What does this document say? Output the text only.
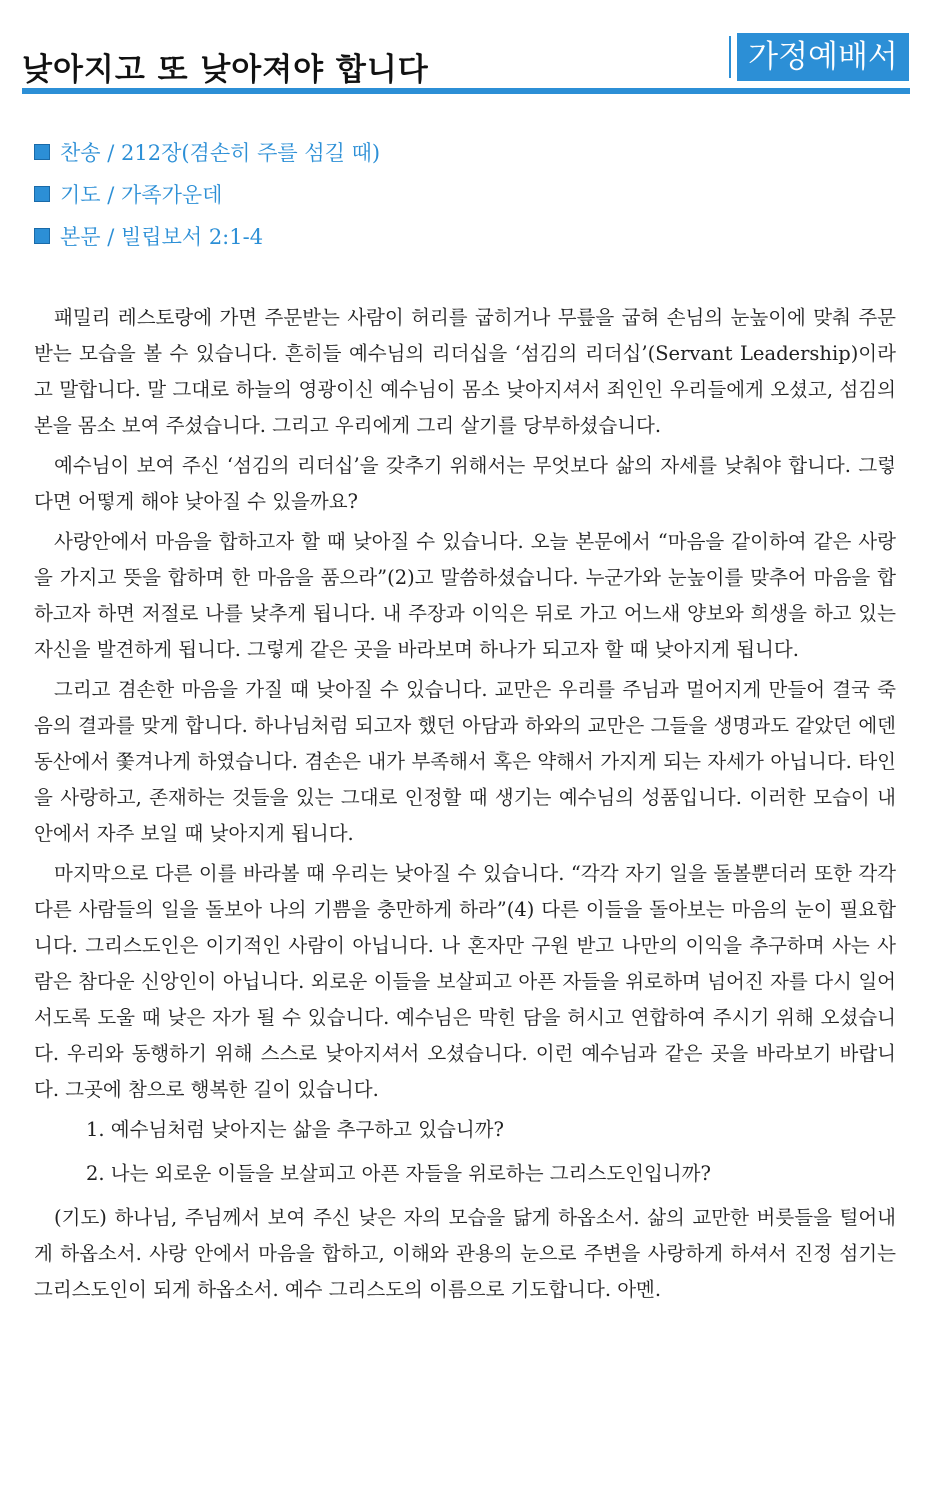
낮아지고 또 낮아져야 합니다	가정예배서
찬송 / 212장(겸손히 주를 섬길 때)
기도 / 가족가운데
본문 / 빌립보서 2:1-4

패밀리 레스토랑에 가면 주문받는 사람이 허리를 굽히거나 무릎을 굽혀 손님의 눈높이에 맞춰 주문받는 모습을 볼 수 있습니다. 흔히들 예수님의 리더십을 ‘섬김의 리더십’(Servant Leadership)이라고 말합니다. 말 그대로 하늘의 영광이신 예수님이 몸소 낮아지셔서 죄인인 우리들에게 오셨고, 섬김의 본을 몸소 보여 주셨습니다. 그리고 우리에게 그리 살기를 당부하셨습니다.

예수님이 보여 주신 ‘섬김의 리더십’을 갖추기 위해서는 무엇보다 삶의 자세를 낮춰야 합니다. 그렇다면 어떻게 해야 낮아질 수 있을까요?

사랑안에서 마음을 합하고자 할 때 낮아질 수 있습니다. 오늘 본문에서 “마음을 같이하여 같은 사랑을 가지고 뜻을 합하며 한 마음을 품으라”(2)고 말씀하셨습니다. 누군가와 눈높이를 맞추어 마음을 합하고자 하면 저절로 나를 낮추게 됩니다. 내 주장과 이익은 뒤로 가고 어느새 양보와 희생을 하고 있는 자신을 발견하게 됩니다. 그렇게 같은 곳을 바라보며 하나가 되고자 할 때 낮아지게 됩니다.

그리고 겸손한 마음을 가질 때 낮아질 수 있습니다. 교만은 우리를 주님과 멀어지게 만들어 결국 죽음의 결과를 맞게 합니다. 하나님처럼 되고자 했던 아담과 하와의 교만은 그들을 생명과도 같았던 에덴동산에서 쫓겨나게 하였습니다. 겸손은 내가 부족해서 혹은 약해서 가지게 되는 자세가 아닙니다. 타인을 사랑하고, 존재하는 것들을 있는 그대로 인정할 때 생기는 예수님의 성품입니다. 이러한 모습이 내 안에서 자주 보일 때 낮아지게 됩니다.

마지막으로 다른 이를 바라볼 때 우리는 낮아질 수 있습니다. “각각 자기 일을 돌볼뿐더러 또한 각각 다른 사람들의 일을 돌보아 나의 기쁨을 충만하게 하라”(4) 다른 이들을 돌아보는 마음의 눈이 필요합니다. 그리스도인은 이기적인 사람이 아닙니다. 나 혼자만 구원 받고 나만의 이익을 추구하며 사는 사람은 참다운 신앙인이 아닙니다. 외로운 이들을 보살피고 아픈 자들을 위로하며 넘어진 자를 다시 일어서도록 도울 때 낮은 자가 될 수 있습니다. 예수님은 막힌 담을 허시고 연합하여 주시기 위해 오셨습니다. 우리와 동행하기 위해 스스로 낮아지셔서 오셨습니다. 이런 예수님과 같은 곳을 바라보기 바랍니다. 그곳에 참으로 행복한 길이 있습니다.

1. 예수님처럼 낮아지는 삶을 추구하고 있습니까?

2. 나는 외로운 이들을 보살피고 아픈 자들을 위로하는 그리스도인입니까?

(기도) 하나님, 주님께서 보여 주신 낮은 자의 모습을 닮게 하옵소서. 삶의 교만한 버릇들을 털어내게 하옵소서. 사랑 안에서 마음을 합하고, 이해와 관용의 눈으로 주변을 사랑하게 하셔서 진정 섬기는 그리스도인이 되게 하옵소서. 예수 그리스도의 이름으로 기도합니다. 아멘.
